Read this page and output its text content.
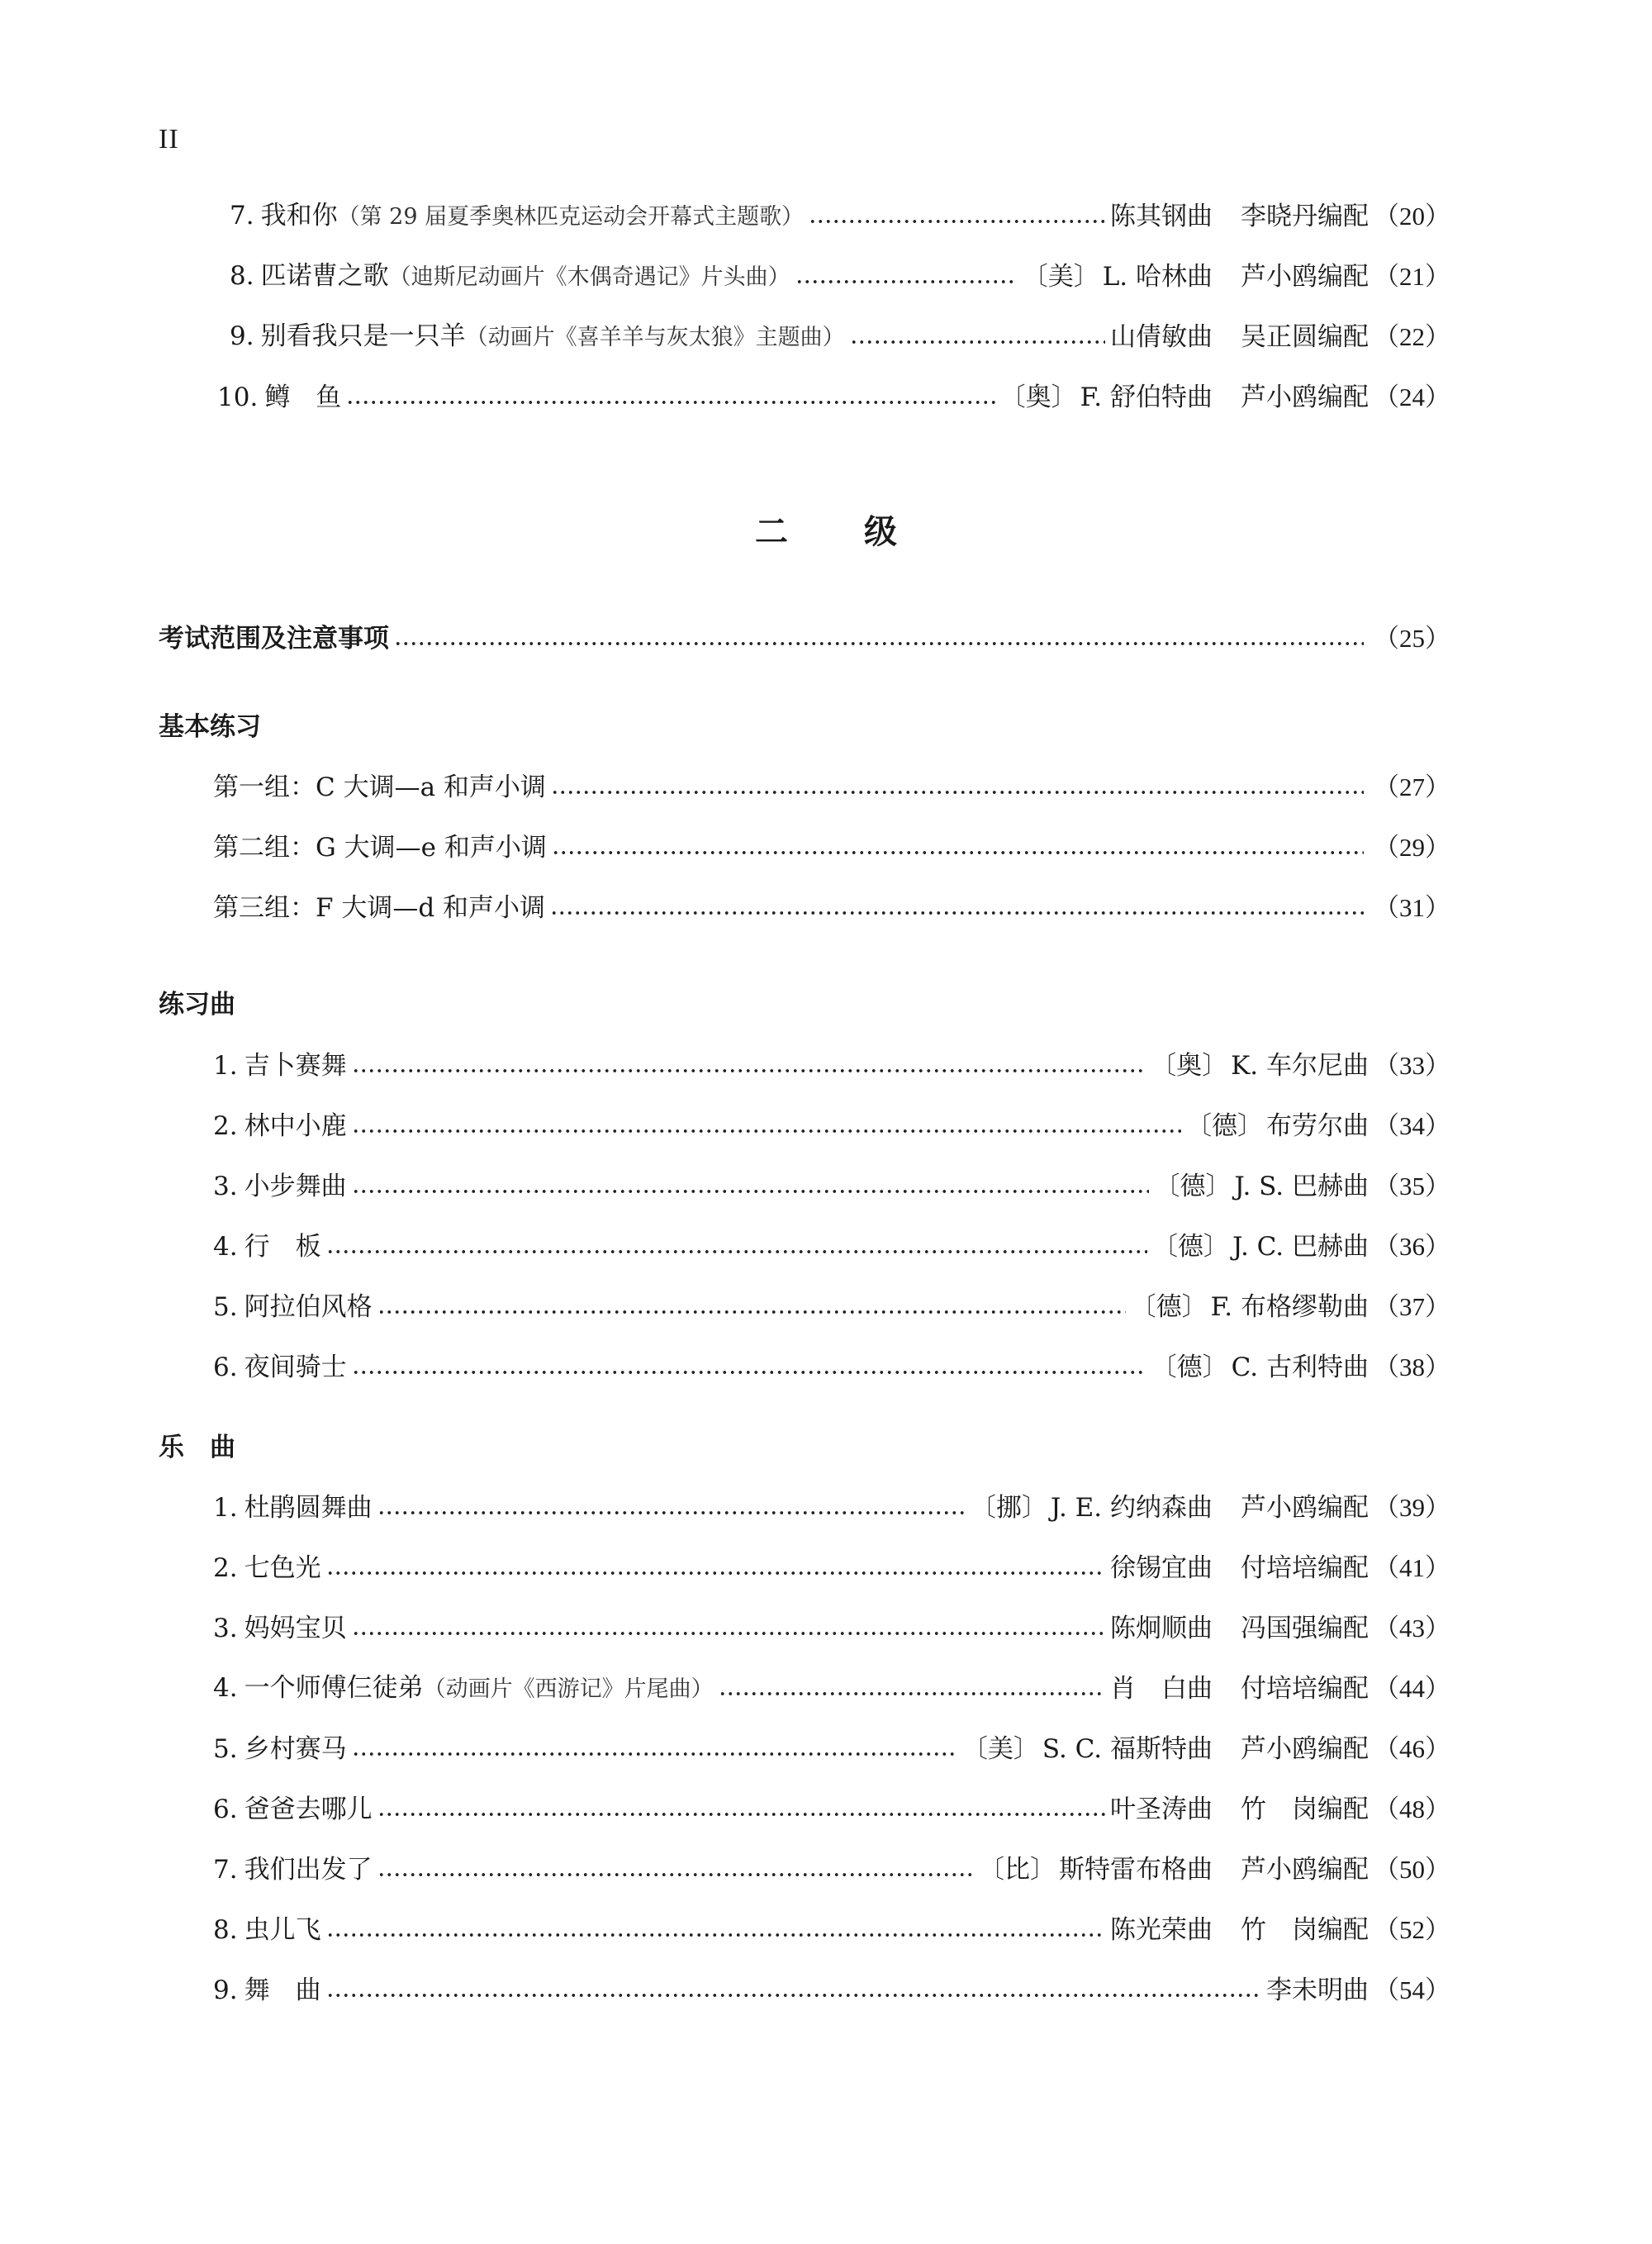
II
7. 我和你（第 29 届夏季奥林匹克运动会开幕式主题歌）	陈其钢曲 李晓丹编配 （20）
8. 匹诺曹之歌（迪斯尼动画片《木偶奇遇记》片头曲）	〔美〕 L. 哈林曲 芦小鸥编配 （21）
9. 别看我只是一只羊（动画片《喜羊羊与灰太狼》主题曲）	山倩敏曲 吴正圆编配 （22）
10. 鳟　鱼	〔奥〕 F. 舒伯特曲 芦小鸥编配 （24）
二 级
考试范围及注意事项	（25）
基本练习
第一组：C 大调—a 和声小调	（27）
第二组：G 大调—e 和声小调	（29）
第三组：F 大调—d 和声小调	（31）
练习曲
1. 吉卜赛舞	〔奥〕 K. 车尔尼曲 （33）
2. 林中小鹿	〔德〕 布劳尔曲 （34）
3. 小步舞曲	〔德〕 J. S. 巴赫曲 （35）
4. 行　板	〔德〕 J. C. 巴赫曲 （36）
5. 阿拉伯风格	〔德〕 F. 布格缪勒曲 （37）
6. 夜间骑士	〔德〕 C. 古利特曲 （38）
乐　曲
1. 杜鹃圆舞曲	〔挪〕 J. E. 约纳森曲 芦小鸥编配 （39）
2. 七色光	徐锡宜曲 付培培编配 （41）
3. 妈妈宝贝	陈炯顺曲 冯国强编配 （43）
4. 一个师傅仨徒弟（动画片《西游记》片尾曲）	肖　白曲 付培培编配 （44）
5. 乡村赛马	〔美〕 S. C. 福斯特曲 芦小鸥编配 （46）
6. 爸爸去哪儿	叶圣涛曲 竹　岗编配 （48）
7. 我们出发了	〔比〕 斯特雷布格曲 芦小鸥编配 （50）
8. 虫儿飞	陈光荣曲 竹　岗编配 （52）
9. 舞　曲	李未明曲 （54）
